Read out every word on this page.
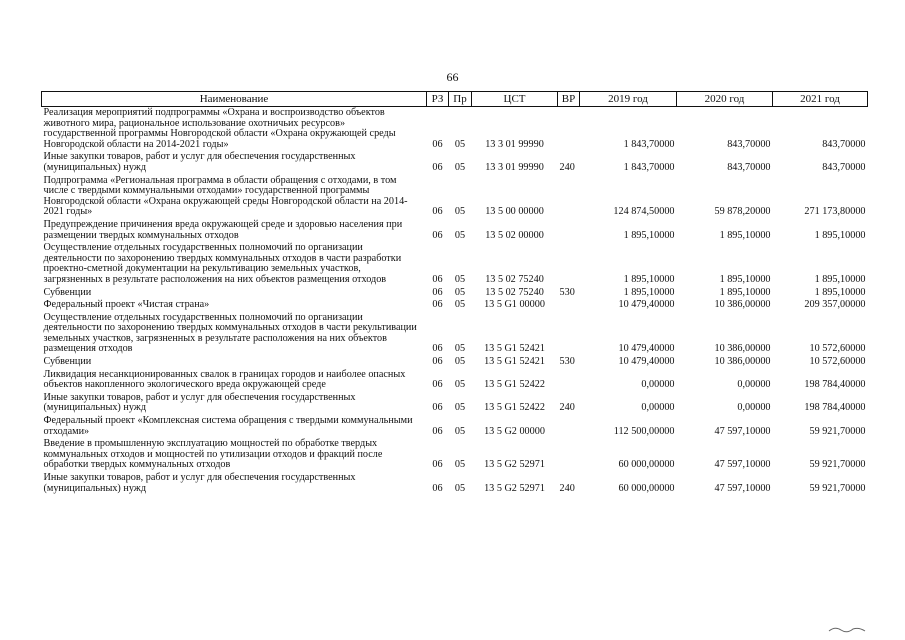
66
Наименование	РЗ	Пр	ЦСТ	ВР	2019 год	2020 год	2021 год
Реализация мероприятий подпрограммы «Охрана и воспроизводство объектов животного мира, рациональное использование охотничьих ресурсов» государственной программы Новгородской области «Охрана окружающей среды Новгородской области на 2014-2021 годы»	06	05	13 3 01 99990		1 843,70000	843,70000	843,70000
Иные закупки товаров, работ и услуг для обеспечения государственных (муниципальных) нужд	06	05	13 3 01 99990	240	1 843,70000	843,70000	843,70000
Подпрограмма «Региональная программа в области обращения с отходами, в том числе с твердыми коммунальными отходами» государственной программы Новгородской области «Охрана окружающей среды Новгородской области на 2014-2021 годы»	06	05	13 5 00 00000		124 874,50000	59 878,20000	271 173,80000
Предупреждение причинения вреда окружающей среде и здоровью населения при размещении твердых коммунальных отходов	06	05	13 5 02 00000		1 895,10000	1 895,10000	1 895,10000
Осуществление отдельных государственных полномочий по организации деятельности по захоронению твердых коммунальных отходов в части разработки проектно-сметной документации на рекультивацию земельных участков, загрязненных в результате расположения на них объектов размещения отходов	06	05	13 5 02 75240		1 895,10000	1 895,10000	1 895,10000
Субвенции	06	05	13 5 02 75240	530	1 895,10000	1 895,10000	1 895,10000
Федеральный проект «Чистая страна»	06	05	13 5 G1 00000		10 479,40000	10 386,00000	209 357,00000
Осуществление отдельных государственных полномочий по организации деятельности по захоронению твердых коммунальных отходов в части рекультивации земельных участков, загрязненных в результате расположения на них объектов размещения отходов	06	05	13 5 G1 52421		10 479,40000	10 386,00000	10 572,60000
Субвенции	06	05	13 5 G1 52421	530	10 479,40000	10 386,00000	10 572,60000
Ликвидация несанкционированных свалок в границах городов и наиболее опасных объектов накопленного экологического вреда окружающей среде	06	05	13 5 G1 52422		0,00000	0,00000	198 784,40000
Иные закупки товаров, работ и услуг для обеспечения государственных (муниципальных) нужд	06	05	13 5 G1 52422	240	0,00000	0,00000	198 784,40000
Федеральный проект «Комплексная система обращения с твердыми коммунальными отходами»	06	05	13 5 G2 00000		112 500,00000	47 597,10000	59 921,70000
Введение в промышленную эксплуатацию мощностей по обработке твердых коммунальных отходов и мощностей по утилизации отходов и фракций после обработки твердых коммунальных отходов	06	05	13 5 G2 52971		60 000,00000	47 597,10000	59 921,70000
Иные закупки товаров, работ и услуг для обеспечения государственных (муниципальных) нужд	06	05	13 5 G2 52971	240	60 000,00000	47 597,10000	59 921,70000
